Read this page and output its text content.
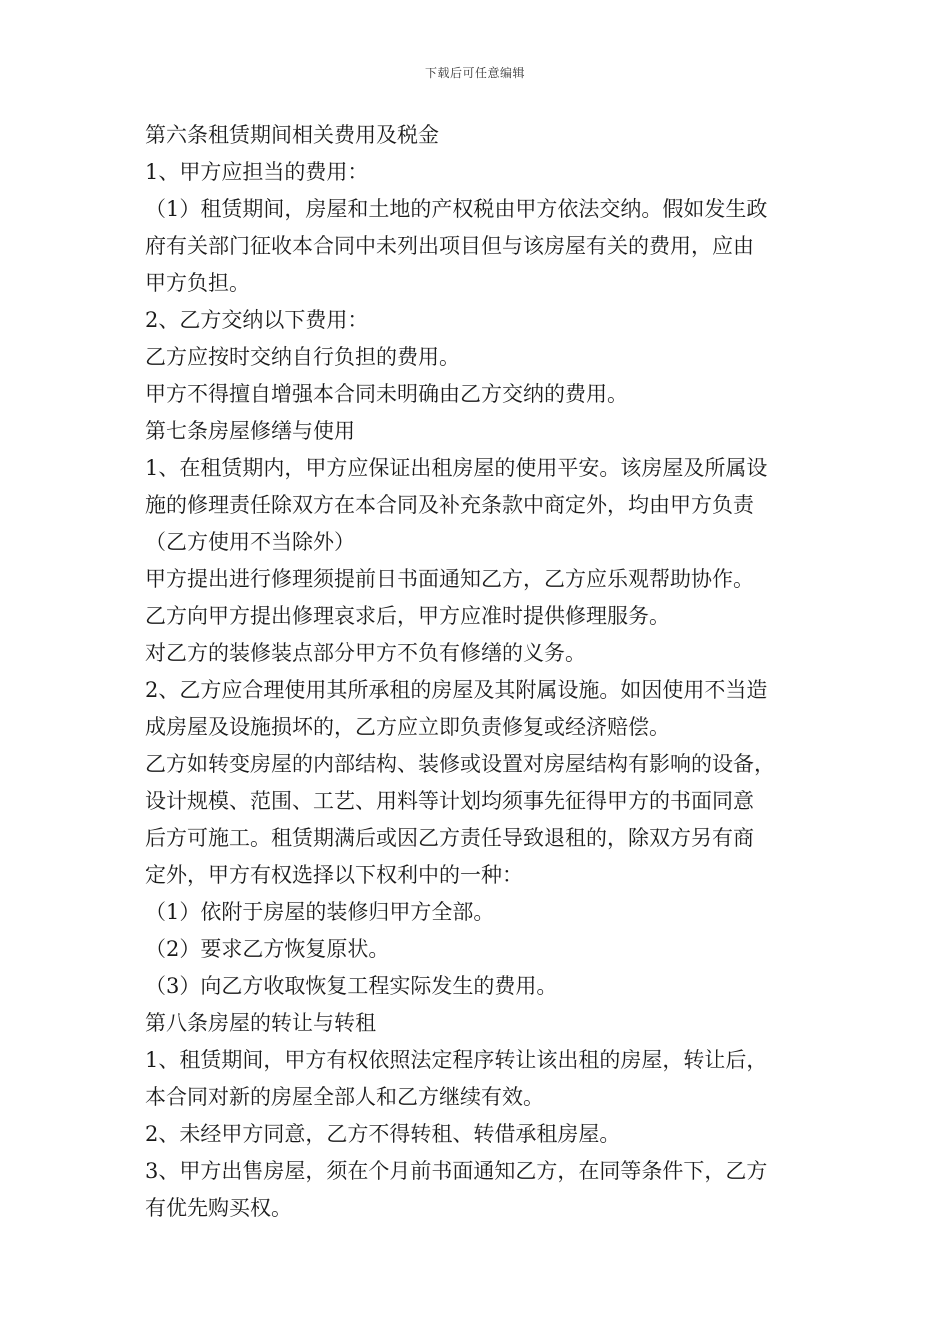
下载后可任意编辑
第六条租赁期间相关费用及税金
1、甲方应担当的费用：
（1）租赁期间，房屋和土地的产权税由甲方依法交纳。假如发生政
府有关部门征收本合同中未列出项目但与该房屋有关的费用，应由
甲方负担。
2、乙方交纳以下费用：
乙方应按时交纳自行负担的费用。
甲方不得擅自增强本合同未明确由乙方交纳的费用。
第七条房屋修缮与使用
1、在租赁期内，甲方应保证出租房屋的使用平安。该房屋及所属设
施的修理责任除双方在本合同及补充条款中商定外，均由甲方负责
（乙方使用不当除外）
甲方提出进行修理须提前日书面通知乙方，乙方应乐观帮助协作。
乙方向甲方提出修理哀求后，甲方应准时提供修理服务。
对乙方的装修装点部分甲方不负有修缮的义务。
2、乙方应合理使用其所承租的房屋及其附属设施。如因使用不当造
成房屋及设施损坏的，乙方应立即负责修复或经济赔偿。
乙方如转变房屋的内部结构、装修或设置对房屋结构有影响的设备，
设计规模、范围、工艺、用料等计划均须事先征得甲方的书面同意
后方可施工。租赁期满后或因乙方责任导致退租的，除双方另有商
定外，甲方有权选择以下权利中的一种：
（1）依附于房屋的装修归甲方全部。
（2）要求乙方恢复原状。
（3）向乙方收取恢复工程实际发生的费用。
第八条房屋的转让与转租
1、租赁期间，甲方有权依照法定程序转让该出租的房屋，转让后，
本合同对新的房屋全部人和乙方继续有效。
2、未经甲方同意，乙方不得转租、转借承租房屋。
3、甲方出售房屋，须在个月前书面通知乙方，在同等条件下，乙方
有优先购买权。
